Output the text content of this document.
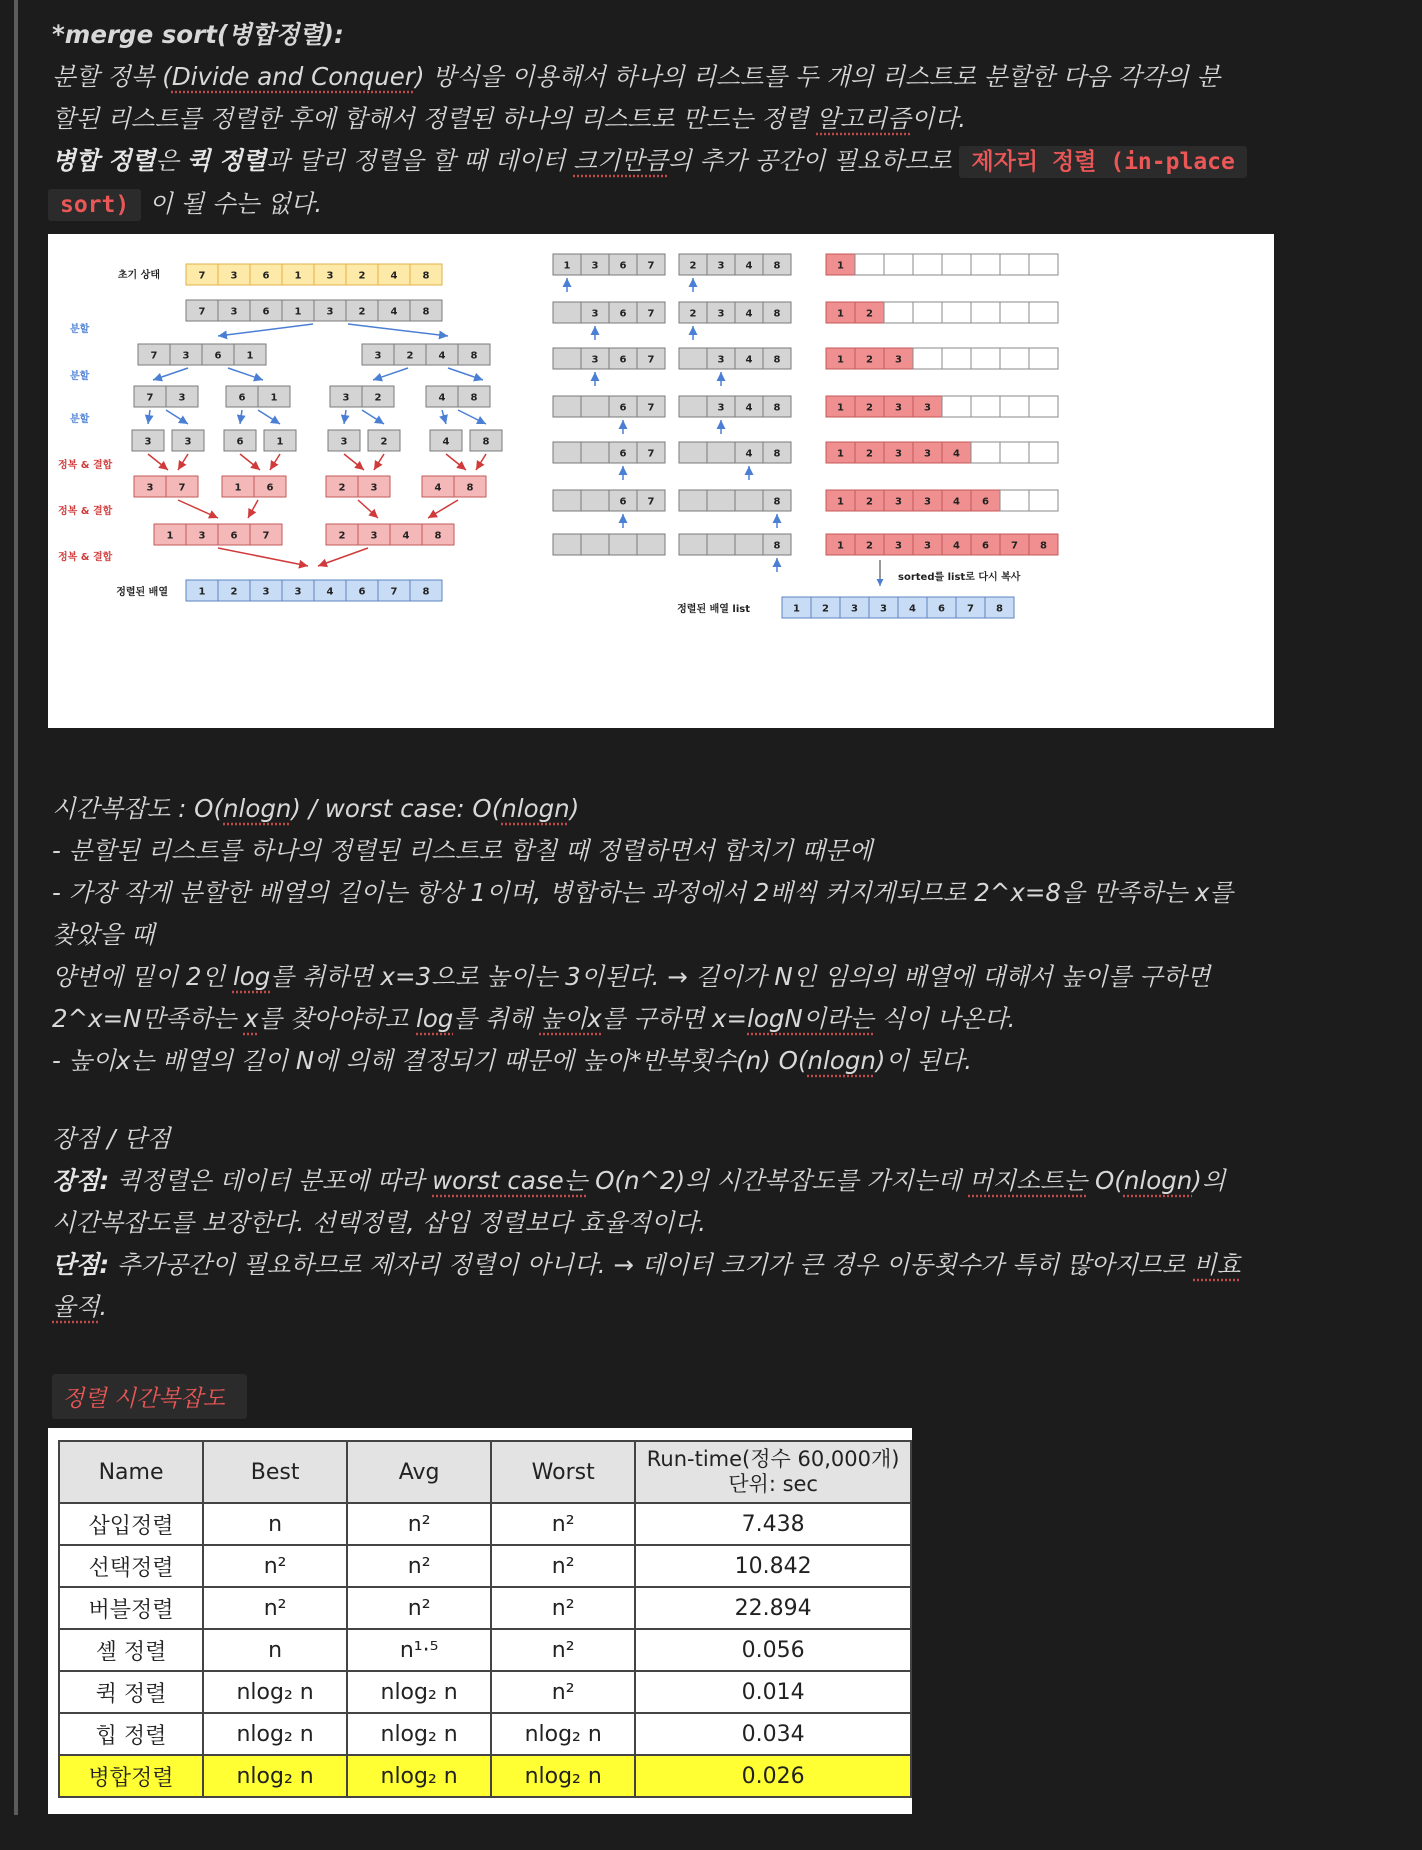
*merge sort(병합정렬):
분할 정복 (Divide and Conquer) 방식을 이용해서 하나의 리스트를 두 개의 리스트로 분할한 다음 각각의 분
할된 리스트를 정렬한 후에 합해서 정렬된 하나의 리스트로 만드는 정렬 알고리즘이다.
병합 정렬은 퀵 정렬과 달리 정렬을 할 때 데이터 크기만큼의 추가 공간이 필요하므로 제자리 정렬 (in-place
sort) 이 될 수는 없다.
초기 상태	7	3	6	1	3	2	4	8
7	3	6	1	3	2	4	8
분할
7	3	6	1	3	2	4	8
분할
7	3	6	1	3	2	4	8
분할
3	3	6	1	3	2	4	8
정복 & 결합
3	7	1	6	2	3	4	8
정복 & 결합
1	3	6	7	2	3	4	8
정복 & 결합
정렬된 배열	1	2	3	3	4	6	7	8
1 3 6 7	2 3 4 8	1
3 6 7	2 3 4 8	1 2
3 6 7	3 4 8	1 2 3
6 7	3 4 8	1 2 3 3
6 7	4 8	1 2 3 3 4
6 7	8	1 2 3 3 4 6
8	1 2 3 3 4 6 7 8
sorted를 list로 다시 복사
정렬된 배열 list	1 2 3 3 4 6 7 8
시간복잡도 : O(nlogn) / worst case: O(nlogn)
- 분할된 리스트를 하나의 정렬된 리스트로 합칠 때 정렬하면서 합치기 때문에
- 가장 작게 분할한 배열의 길이는 항상 1이며, 병합하는 과정에서 2배씩 커지게되므로 2^x=8을 만족하는 x를
찾았을 때
양변에 밑이 2인 log를 취하면 x=3으로 높이는 3이된다. → 길이가 N인 임의의 배열에 대해서 높이를 구하면
2^x=N만족하는 x를 찾아야하고 log를 취해 높이x를 구하면 x=logN이라는 식이 나온다.
- 높이x는 배열의 길이 N에 의해 결정되기 때문에 높이*반복횟수(n) O(nlogn)이 된다.
장점 / 단점
장점: 퀵정렬은 데이터 분포에 따라 worst case는 O(n^2)의 시간복잡도를 가지는데 머지소트는 O(nlogn)의
시간복잡도를 보장한다. 선택정렬, 삽입 정렬보다 효율적이다.
단점: 추가공간이 필요하므로 제자리 정렬이 아니다. → 데이터 크기가 큰 경우 이동횟수가 특히 많아지므로 비효
율적.
정렬 시간복잡도
Name	Best	Avg	Worst	Run-time(정수 60,000개)
단위: sec

삽입정렬	n	n²	n²	7.438
선택정렬	n²	n²	n²	10.842
버블정렬	n²	n²	n²	22.894
셸 정렬	n	n¹·⁵	n²	0.056
퀵 정렬	nlog₂ n	nlog₂ n	n²	0.014
힙 정렬	nlog₂ n	nlog₂ n	nlog₂ n	0.034
병합정렬	nlog₂ n	nlog₂ n	nlog₂ n	0.026
